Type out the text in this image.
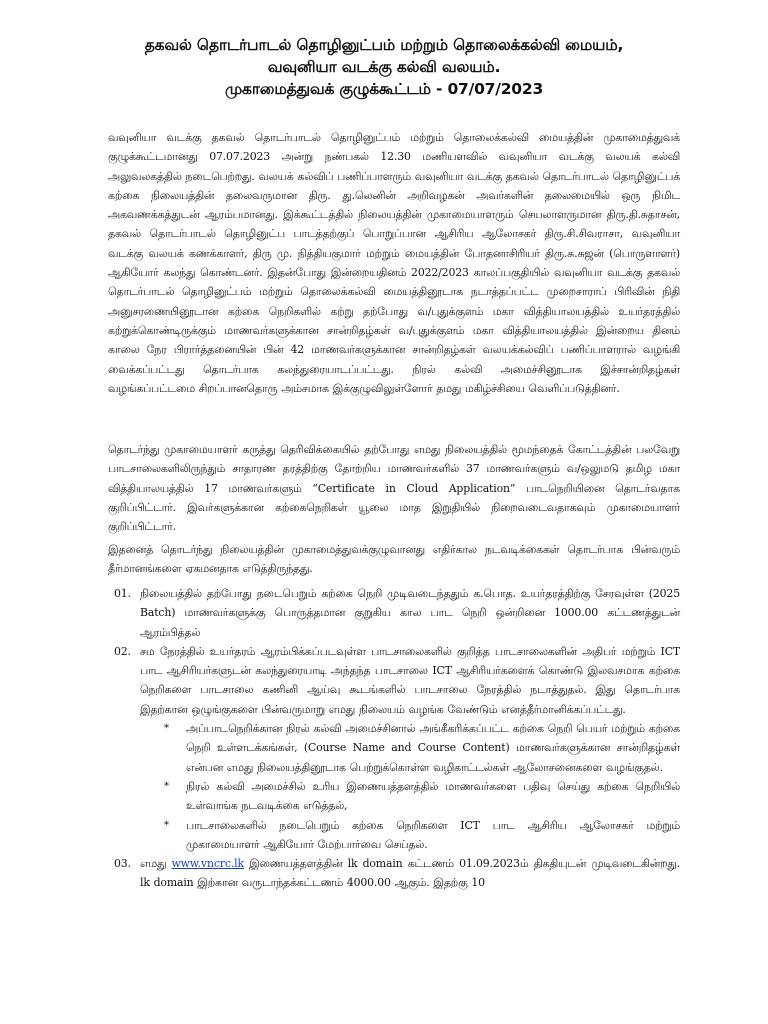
தகவல் தொடர்பாடல் தொழினுட்பம் மற்றும் தொலைக்கல்வி மையம்,
வவுனியா வடக்கு கல்வி வலயம்.
முகாமைத்துவக் குழுக்கூட்டம் - 07/07/2023
வவுனியா வடக்கு தகவல் தொடர்பாடல் தொழினுட்பம் மற்றும் தொலைக்கல்வி மையத்தின் முகாமைத்துவக் குழுக்கூட்டமானது 07.07.2023 அன்று நண்பகல் 12.30 மணியளவில் வவுனியா வடக்கு வலயக் கல்வி அலுவலகத்தில் நடைபெற்றது. வலயக் கல்விப் பணிப்பாளரும் வவுனியா வடக்கு தகவல் தொடர்பாடல் தொழினுட்பக் கற்கை நிலையத்தின் தலைவருமான திரு. து.லெனின் அறிவழகன் அவர்களின் தலைமையில் ஒரு நிமிட அகவணக்கத்துடன் ஆரம்பமானது. இக்கூட்டத்தில் நிலையத்தின் முகாமையாளரும் செயலாளருமான திரு.தி.சுதாசன், தகவல் தொடர்பாடல் தொழினுட்ப பாடத்தற்குப் பொறுப்பான ஆசிரிய ஆலோசகர் திரு.சி.சிவராசா, வவுனியா வடக்கு வலயக் கணக்காளர், திரு மு. நித்தியகுமார் மற்றும் மையத்தின் போதனாசிரியர் திரு.சு.சுஜன் (பொருளாளர்) ஆகியோர் கலந்து கொண்டனர். இதன்போது இன்றையதினம் 2022/2023 காலப்பகுதியில் வவுனியா வடக்கு தகவல் தொடர்பாடல் தொழினுட்பம் மற்றும் தொலைக்கல்வி மையத்தினூடாக நடாத்தப்பட்ட முறைசாராப் பிரிவின் நிதி அனுசரணையினூடான கற்கை நெறிகளில் கற்று தற்போது வ/புதுக்குளம் மகா வித்தியாலயத்தில் உயர்தரத்தில் கற்றுக்கொண்டிருக்கும் மாணவர்களுக்கான சான்றிதழ்கள் வ/புதுக்குளம் மகா வித்தியாலயத்தில் இன்றைய தினம் காலை நேர பிரார்த்தனையின் பின் 42 மாணவர்களுக்கான சான்றிதழ்கள் வலயக்கல்விப் பணிப்பாளரால் வழங்கி வைக்கப்பட்டது தொடர்பாக கலந்துரையாடப்பட்டது. நிரல் கல்வி அமைச்சினூடாக இச்சான்றிதழ்கள் வழங்கப்பட்டமை சிறப்பானதொரு அம்சமாக இக்குழுவிலுள்ளோர் தமது மகிழ்ச்சியை வெளிப்படுத்தினர்.
தொடர்ந்து முகாமையாளர் கருத்து தெரிவிக்கையில் தற்போது எமது நிலையத்தில் மூமந்தைக் கோட்டத்தின் பலவேறு பாடசாலைகளிலிருந்தும் சாதாரண தரத்திற்கு தோற்றிய மாணவர்களில் 37 மாணவர்களும் வ/ஒலுமடு தமிழ மகா வித்தியாலயத்தில் 17 மாணவர்களும் “Certificate in Cloud Application” பாடநெறியினை தொடர்வதாக குறிப்பிட்டார். இவர்களுக்கான கற்கைநெறிகள் யூலை மாத இறுதியில் நிறைவடைவதாகவும் முகாமையாளர் குறிப்பிட்டார்.
இதனைத் தொடர்ந்து நிலையத்தின் முகாமைத்துவக்குழுவானது எதிர்கால நடவடிக்கைகள் தொடர்பாக பின்வரும் தீர்மானங்களை ஏகமனதாக எடுத்திருந்தது.
01. நிலையத்தில் தற்போது நடைபெறும் கற்கை நெறி முடிவடைந்ததும் க.பொத. உயர்தரத்திற்கு சேரவுள்ள (2025 Batch) மாணவர்களுக்கு பொருத்தமான குறுகிய கால பாட நெறி ஒன்றினை 1000.00 கட்டணத்துடன் ஆரம்பித்தல்
02. சம நேரத்தில் உயர்தரம் ஆரம்பிக்கப்படவுள்ள பாடசாலைகளில் குறித்த பாடசாலைகளின் அதிபர் மற்றும் ICT பாட ஆசிரியர்களுடன் கலந்துரையாடி அந்தந்த பாடசாலை ICT ஆசிரியர்களைக் கொண்டு இலவசமாக கற்கை நெறிகளை பாடசாலை கணினி ஆய்வு கூடங்களில் பாடசாலை நேரத்தில் நடாத்துதல். இது தொடர்பாக இதற்கான ஒழுங்குகளை பின்வருமாறு எமது நிலையம் வழங்க வேண்டும் எனத்தீர்மானிக்கப்பட்டது.
* அப்பாடநெறிக்கான நிரல் கல்வி அமைச்சினால் அங்கீகரிக்கப்பட்ட கற்கை நெறி பெயர் மற்றும் கற்கை நெறி உள்ளடக்கங்கள், (Course Name and Course Content) மாணவர்களுக்கான சான்றிதழ்கள் என்பன எமது நிலையத்தினூடாக பெற்றுக்கொள்ள வழிகாட்டல்கள் ஆலோசனைகளை வழங்குதல்.
* நிரல் கல்வி அமைச்சில் உரிய இணையத்தளத்தில் மாணவர்களை பதிவு செய்து கற்கை நெறியில் உள்வாங்க நடவடிக்கை எடுத்தல்,
* பாடசாலைகளில் நடைபெறும் கற்கை நெறிகளை ICT பாட ஆசிரிய ஆலோசகர் மற்றும் முகாமையாளர் ஆகியோர் மேற்பார்வை செய்தல்.
03. எமது www.vncrc.lk இணையத்தளத்தின் lk domain கட்டணம் 01.09.2023ம் திகதியுடன் முடிவடைகின்றது. lk domain இற்கான வருடாந்தக்கட்டணம் 4000.00 ஆகும். இதற்கு 10
